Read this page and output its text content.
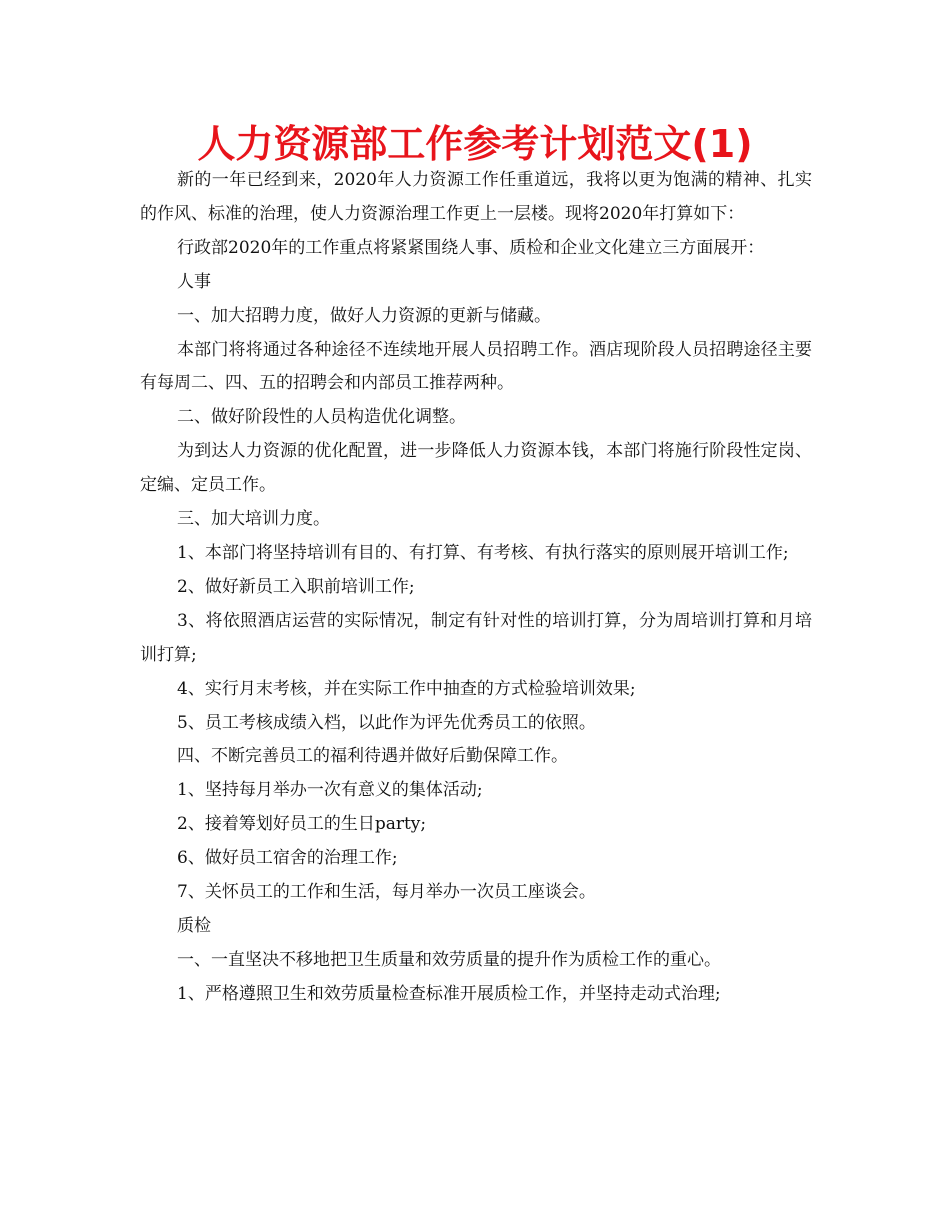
人力资源部工作参考计划范文(1)

新的一年已经到来，2020年人力资源工作任重道远，我将以更为饱满的精神、扎实的作风、标准的治理，使人力资源治理工作更上一层楼。现将2020年打算如下：

行政部2020年的工作重点将紧紧围绕人事、质检和企业文化建立三方面展开：

人事

一、加大招聘力度，做好人力资源的更新与储藏。

本部门将将通过各种途径不连续地开展人员招聘工作。酒店现阶段人员招聘途径主要有每周二、四、五的招聘会和内部员工推荐两种。

二、做好阶段性的人员构造优化调整。

为到达人力资源的优化配置，进一步降低人力资源本钱，本部门将施行阶段性定岗、定编、定员工作。

三、加大培训力度。

1、本部门将坚持培训有目的、有打算、有考核、有执行落实的原则展开培训工作;

2、做好新员工入职前培训工作;

3、将依照酒店运营的实际情况，制定有针对性的培训打算，分为周培训打算和月培训打算;

4、实行月末考核，并在实际工作中抽查的方式检验培训效果;

5、员工考核成绩入档，以此作为评先优秀员工的依照。

四、不断完善员工的福利待遇并做好后勤保障工作。

1、坚持每月举办一次有意义的集体活动;

2、接着筹划好员工的生日party;

6、做好员工宿舍的治理工作;

7、关怀员工的工作和生活，每月举办一次员工座谈会。

质检

一、一直坚决不移地把卫生质量和效劳质量的提升作为质检工作的重心。

1、严格遵照卫生和效劳质量检查标准开展质检工作，并坚持走动式治理;
